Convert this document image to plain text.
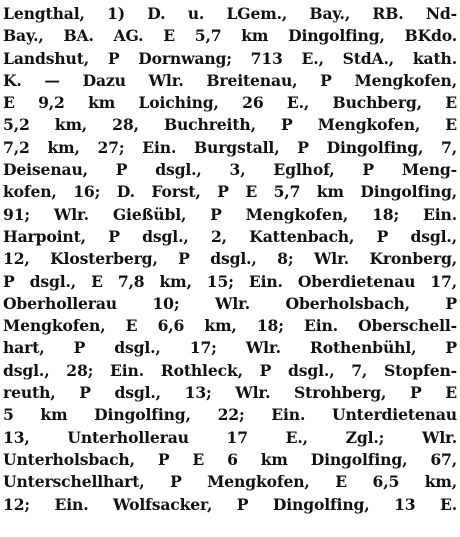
Lengthal, 1) D. u. LGem., Bay., RB. Nd-
Bay., BA. AG. E 5,7 km Dingolfing, BKdo.
Landshut, P Dornwang; 713 E., StdA., kath.
K. — Dazu Wlr. Breitenau, P Mengkofen,
E 9,2 km Loiching, 26 E., Buchberg, E
5,2 km, 28, Buchreith, P Mengkofen, E
7,2 km, 27; Ein. Burgstall, P Dingolfing, 7,
Deisenau, P dsgl., 3, Eglhof, P Meng-
kofen, 16; D. Forst, P E 5,7 km Dingolfing,
91; Wlr. Gießübl, P Mengkofen, 18; Ein.
Harpoint, P dsgl., 2, Kattenbach, P dsgl.,
12, Klosterberg, P dsgl., 8; Wlr. Kronberg,
P dsgl., E 7,8 km, 15; Ein. Oberdietenau 17,
Oberhollerau 10; Wlr. Oberholsbach, P
Mengkofen, E 6,6 km, 18; Ein. Oberschell-
hart, P dsgl., 17; Wlr. Rothenbühl, P
dsgl., 28; Ein. Rothleck, P dsgl., 7, Stopfen-
reuth, P dsgl., 13; Wlr. Strohberg, P E
5 km Dingolfing, 22; Ein. Unterdietenau
13, Unterhollerau 17 E., Zgl.; Wlr.
Unterholsbach, P E 6 km Dingolfing, 67,
Unterschellhart, P Mengkofen, E 6,5 km,
12; Ein. Wolfsacker, P Dingolfing, 13 E.
